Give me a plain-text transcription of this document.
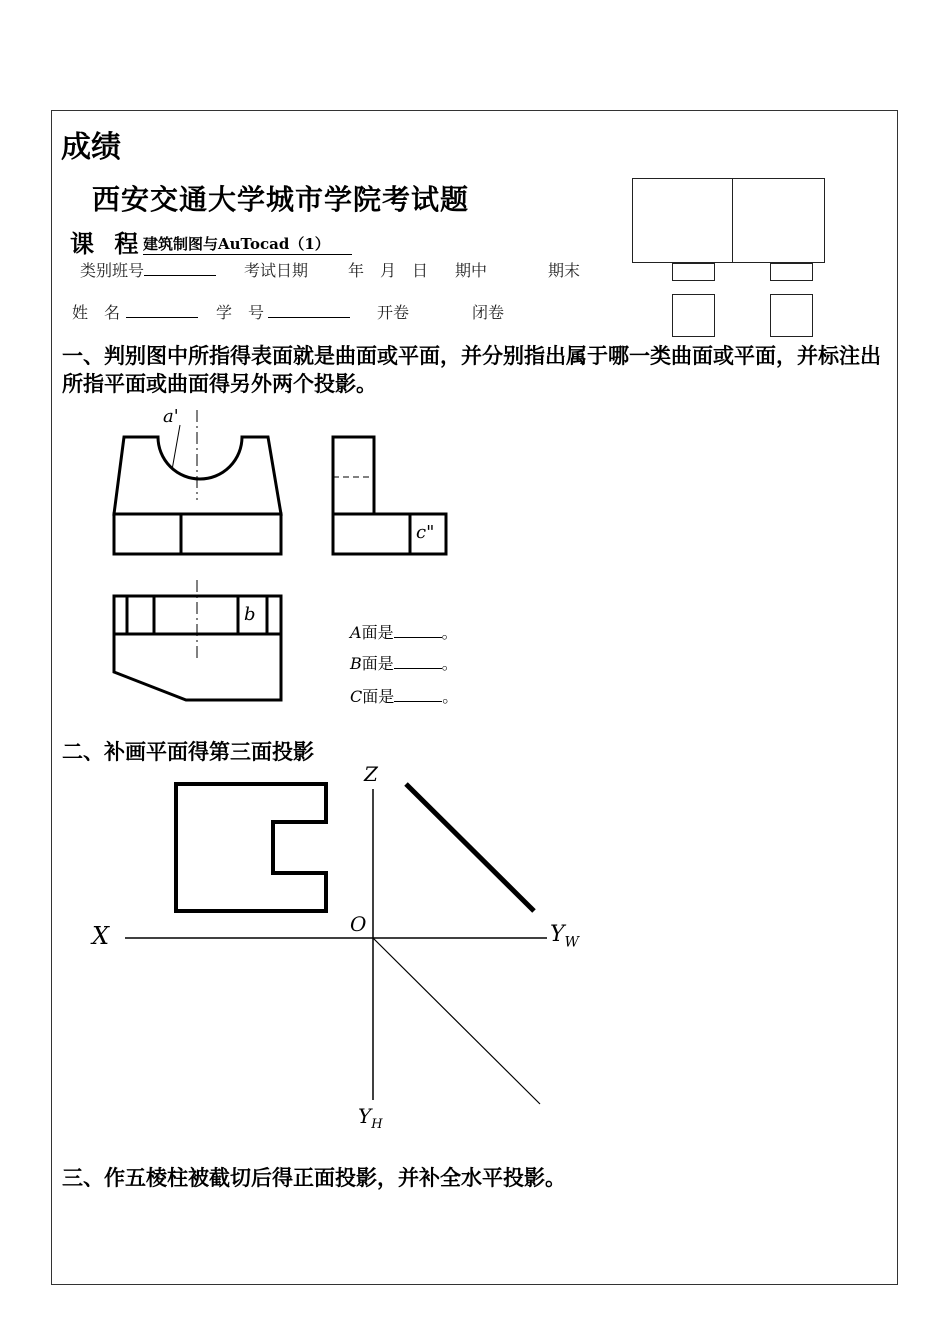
成绩
西安交通大学城市学院考试题
课 程
建筑制图与AuTocad（1）
类别班号	考试日期 年　月　日 期中	期末
姓　名	学　号	开卷	闭卷
一、判别图中所指得表面就是曲面或平面，并分别指出属于哪一类曲面或平面，并标注出所指平面或曲面得另外两个投影。
a'
c"
b
A面是	。
B面是	。
C面是	。
二、补画平面得第三面投影
Z
X	O	$Y_W$
$Y_H$
三、作五棱柱被截切后得正面投影，并补全水平投影。
